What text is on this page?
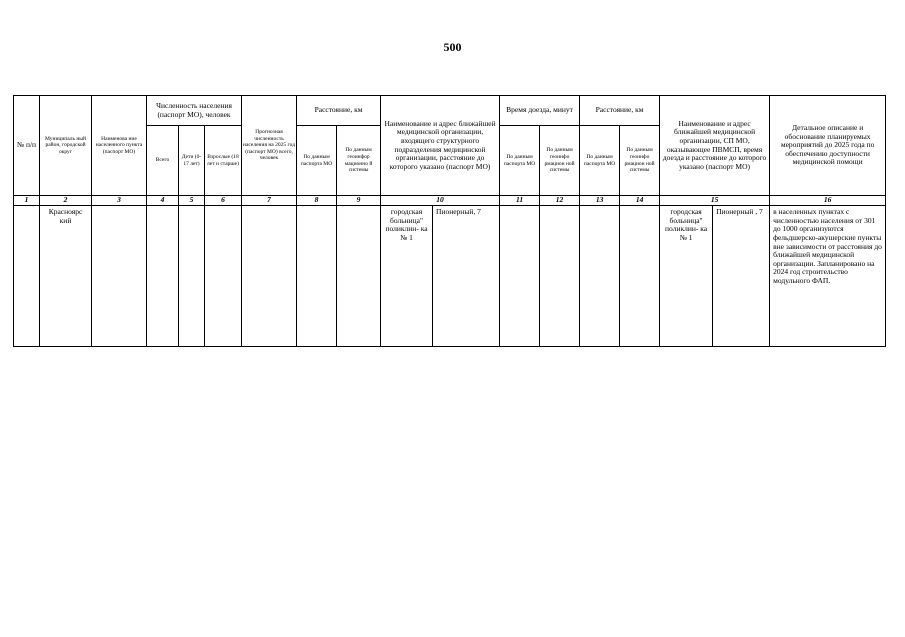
500
№ п/п	Муниципаль ный район, городской округ	Наименова ние населенного пункта (паспорт МО)	Численность населения (паспорт МО), человек			Прогнозная численность населения на 2025 год (паспорт МО) всего, человек	Расстояние, км		Наименование и адрес ближайшей медицинской организации, входящего структурного подразделения медицинской организации, расстояние до которого указано (паспорт МО)		Время доезда, минут		Расстояние, км		Наименование и адрес ближайшей медицинской организации, СП МО, оказывающее ПВМСП, время доезда и расстояние до которого указано (паспорт МО)		Детальное описание и обоснование планируемых мероприятий до 2025 года по обеспечению доступности медицинской помощи
			Всего	Дети (0-17 лет)	Взрослые (18 лет и старше)		По данным паспорта МО	По данным геоинфор мационно й системы			По данным паспорта МО	По данным геоинфо рмацион ной системы	По данным паспорта МО	По данным геоинфо рмацион ной системы			
1	2	3	4	5	6	7	8	9	10		11	12	13	14	15		16
	Красноярс кий								городская больница" поликлин- ка № 1	Пионерный, 7					городская больница" поликлин- ка № 1	Пионерный , 7	в населенных пунктах с численностью населения от 301 до 1000 организуются фельдшерско-акушерские пункты вне зависимости от расстояния до ближайшей медицинской организации. Запланировано на 2024 год строительство модульного ФАП.
